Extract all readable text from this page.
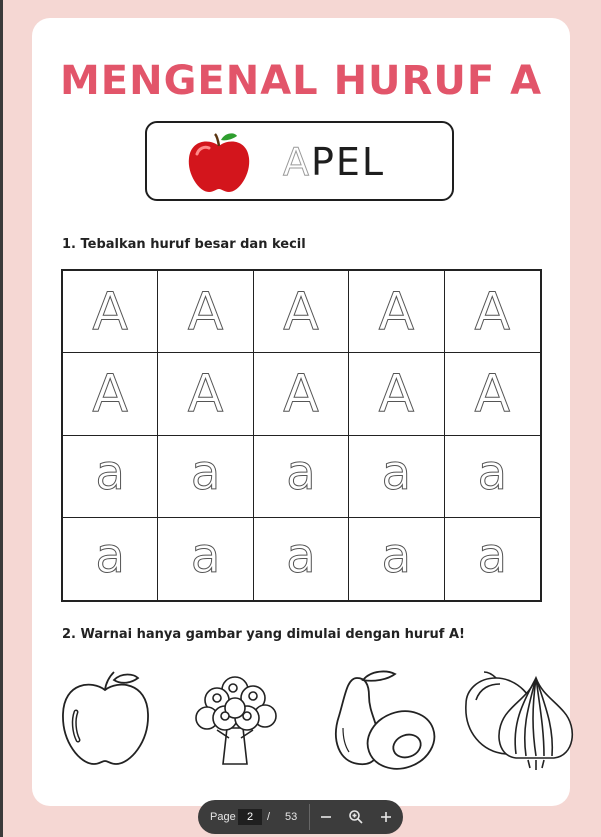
MENGENAL HURUF A
APEL
1. Tebalkan huruf besar dan kecil
A	A	A	A	A
A	A	A	A	A
a	a	a	a	a
a	a	a	a	a
2. Warnai hanya gambar yang dimulai dengan huruf A!
Page
2	/ 53
